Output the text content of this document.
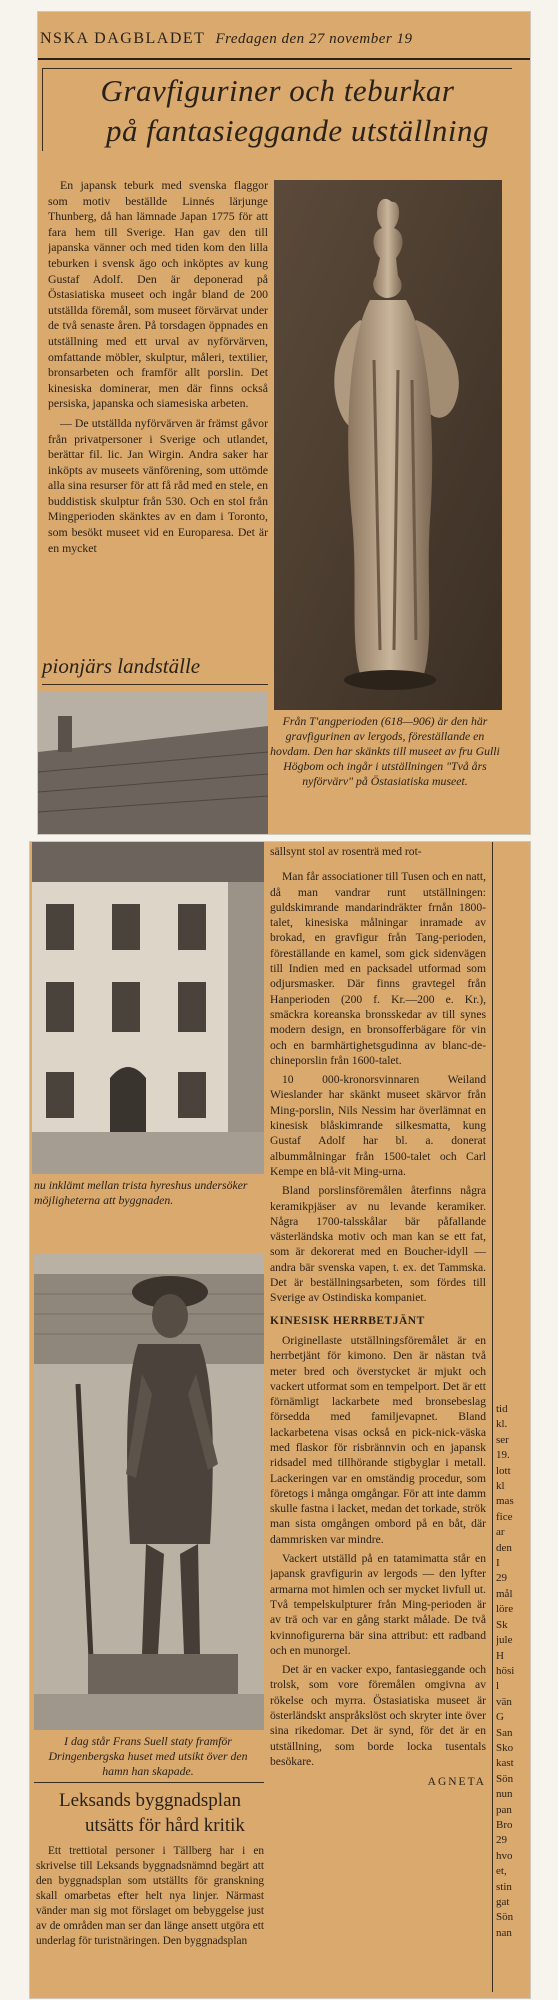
NSKA DAGBLADET Fredagen den 27 november 19
Gravfiguriner och teburkar
på fantasieggande utställning

En japansk teburk med svenska flaggor som motiv beställde Linnés lärjunge Thunberg, då han lämnade Japan 1775 för att fara hem till Sverige. Han gav den till japanska vänner och med tiden kom den lilla teburken i svensk ägo och inköptes av kung Gustaf Adolf. Den är deponerad på Östasiatiska museet och ingår bland de 200 utställda föremål, som museet förvärvat under de två senaste åren. På torsdagen öppnades en utställning med ett urval av nyförvärven, omfattande möbler, skulptur, måleri, textilier, bronsarbeten och framför allt porslin. Det kinesiska dominerar, men där finns också persiska, japanska och siamesiska arbeten.

— De utställda nyförvärven är främst gåvor från privatpersoner i Sverige och utlandet, berättar fil. lic. Jan Wirgin. Andra saker har inköpts av museets vänförening, som uttömde alla sina resurser för att få råd med en stele, en buddistisk skulptur från 530. Och en stol från Mingperioden skänktes av en dam i Toronto, som besökt museet vid en Europaresa. Det är en mycket

Från T'angperioden (618—906) är den här gravfigurinen av lergods, föreställande en hovdam. Den har skänkts till museet av fru Gulli Högbom och ingår i utställningen "Två års nyförvärv" på Östasiatiska museet.
pionjärs landställe
nu inklämt mellan trista hyreshus undersöker möjligheterna att byggnaden.
I dag står Frans Suell staty framför Dringenbergska huset med utsikt över den hamn han skapade.
Leksands byggnadsplan
utsätts för hård kritik

Ett trettiotal personer i Tällberg har i en skrivelse till Leksands byggnadsnämnd begärt att den byggnadsplan som utställts för granskning skall omarbetas efter helt nya linjer. Närmast vänder man sig mot förslaget om bebyggelse just av de områden man ser dan länge ansett utgöra ett underlag för turistnäringen. Den byggnadsplan

sällsynt stol av rosenträ med rot-

Man får associationer till Tusen och en natt, då man vandrar runt utställningen: guldskimrande mandarindräkter frnån 1800-talet, kinesiska målningar inramade av brokad, en gravfigur från Tang-perioden, föreställande en kamel, som gick sidenvägen till Indien med en packsadel utformad som odjursmasker. Där finns gravtegel från Hanperioden (200 f. Kr.—200 e. Kr.), smäckra koreanska bronsskedar av till synes modern design, en bronsofferbägare för vin och en barmhärtighetsgudinna av blanc-de-chineporslin från 1600-talet.

10 000-kronorsvinnaren Weiland Wieslander har skänkt museet skärvor från Ming-porslin, Nils Nessim har överlämnat en kinesisk blåskimrande silkesmatta, kung Gustaf Adolf har bl. a. donerat albummålningar från 1500-talet och Carl Kempe en blå-vit Ming-urna.

Bland porslinsföremålen återfinns några keramikpjäser av nu levande keramiker. Några 1700-talsskålar bär påfallande västerländska motiv och man kan se ett fat, som är dekorerat med en Boucher-idyll — andra bär svenska vapen, t. ex. det Tammska. Det är beställningsarbeten, som fördes till Sverige av Ostindiska kompaniet.

KINESISK HERRBETJÄNT

Originellaste utställningsföremålet är en herrbetjänt för kimono. Den är nästan två meter bred och överstycket är mjukt och vackert utformat som en tempelport. Det är ett förnämligt lackarbete med bronsebeslag försedda med familjevapnet. Bland lackarbetena visas också en pick-nick-väska med flaskor för risbrännvin och en japansk ridsadel med tillhörande stigbyglar i metall. Lackeringen var en omständig procedur, som företogs i många omgångar. För att inte damm skulle fastna i lacket, medan det torkade, strök man sista omgången ombord på en båt, där dammrisken var mindre.

Vackert utställd på en tatamimatta står en japansk gravfigurin av lergods — den lyfter armarna mot himlen och ser mycket livfull ut. Två tempelskulpturer från Ming-perioden är av trä och var en gång starkt målade. De två kvinnofigurerna bär sina attribut: ett radband och en munorgel.

Det är en vacker expo, fantasieggande och trolsk, som vore föremålen omgivna av rökelse och myrra. Östasiatiska museet är österländskt anspråkslöst och skryter inte över sina rikedomar. Det är synd, för det är en utställning, som borde locka tusentals besökare.

AGNETA
tid
kl.
ser
19.
lott
kl
mas
fice
ar
den
I
29
mål
löre
Sk
jule
H
hösi
l
vän
G
San
Sko
kast
Sön
nun
pan
Bro
29
hvo
et,
stin
gat
Sön
nan
